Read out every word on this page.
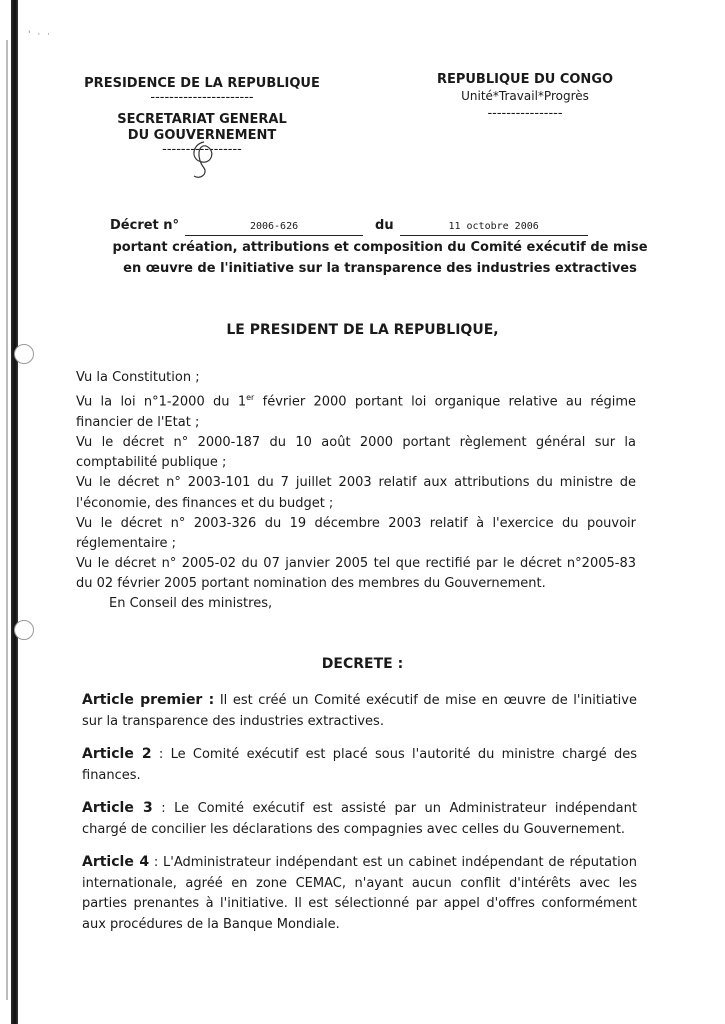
' · ·
PRESIDENCE DE LA REPUBLIQUE
----------------------
SECRETARIAT GENERAL
DU GOUVERNEMENT
-----------------
REPUBLIQUE DU CONGO
Unité*Travail*Progrès
----------------
Décret n°	2006-626	du	11 octobre 2006
portant création, attributions et composition du Comité exécutif de mise
en œuvre de l'initiative sur la transparence des industries extractives
LE PRESIDENT DE LA REPUBLIQUE,

Vu la Constitution ;

Vu la loi n°1-2000 du 1er février 2000 portant loi organique relative au régime financier de l'Etat ;

Vu le décret n° 2000-187 du 10 août 2000 portant règlement général sur la comptabilité publique ;

Vu le décret n° 2003-101 du 7 juillet 2003 relatif aux attributions du ministre de l'économie, des finances et du budget ;

Vu le décret n° 2003-326 du 19 décembre 2003 relatif à l'exercice du pouvoir réglementaire ;

Vu le décret n° 2005-02 du 07 janvier 2005 tel que rectifié par le décret n°2005-83 du 02 février 2005 portant nomination des membres du Gouvernement.

En Conseil des ministres,
DECRETE :

Article premier : Il est créé un Comité exécutif de mise en œuvre de l'initiative sur la transparence des industries extractives.

Article 2 : Le Comité exécutif est placé sous l'autorité du ministre chargé des finances.

Article 3 : Le Comité exécutif est assisté par un Administrateur indépendant chargé de concilier les déclarations des compagnies avec celles du Gouvernement.

Article 4 : L'Administrateur indépendant est un cabinet indépendant de réputation internationale, agréé en zone CEMAC, n'ayant aucun conflit d'intérêts avec les parties prenantes à l'initiative. Il est sélectionné par appel d'offres conformément aux procédures de la Banque Mondiale.
